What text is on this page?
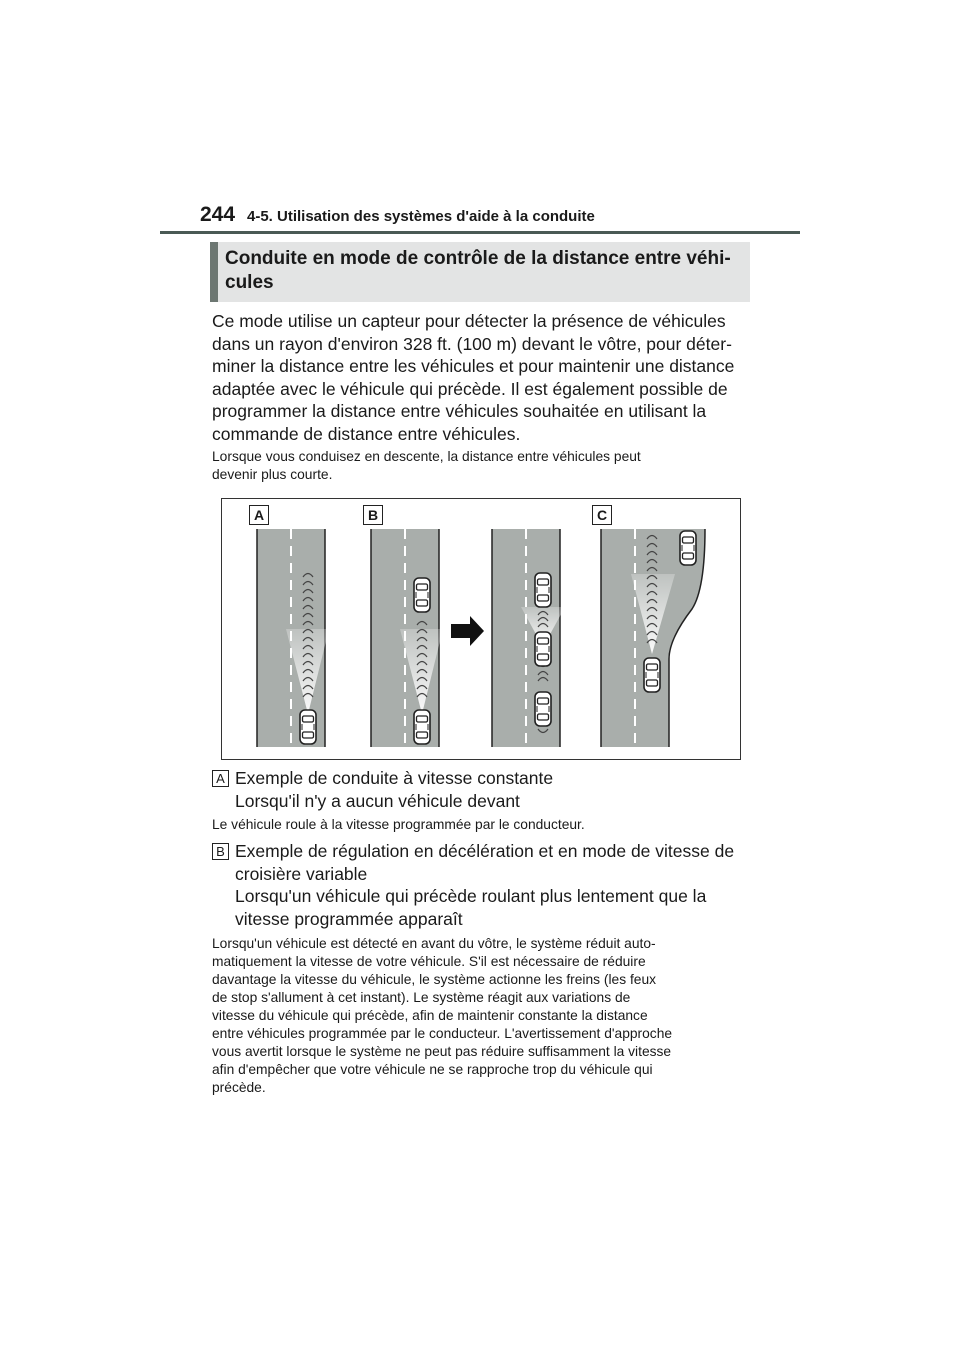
244 4-5. Utilisation des systèmes d'aide à la conduite
Conduite en mode de contrôle de la distance entre véhi-
cules
Ce mode utilise un capteur pour détecter la présence de véhicules
dans un rayon d'environ 328 ft. (100 m) devant le vôtre, pour déter-
miner la distance entre les véhicules et pour maintenir une distance
adaptée avec le véhicule qui précède. Il est également possible de
programmer la distance entre véhicules souhaitée en utilisant la
commande de distance entre véhicules.
Lorsque vous conduisez en descente, la distance entre véhicules peut
devenir plus courte.
A	B	C
A Exemple de conduite à vitesse constante
Lorsqu'il n'y a aucun véhicule devant
Le véhicule roule à la vitesse programmée par le conducteur.
B Exemple de régulation en décélération et en mode de vitesse de
croisière variable
Lorsqu'un véhicule qui précède roulant plus lentement que la
vitesse programmée apparaît
Lorsqu'un véhicule est détecté en avant du vôtre, le système réduit auto-
matiquement la vitesse de votre véhicule. S'il est nécessaire de réduire
davantage la vitesse du véhicule, le système actionne les freins (les feux
de stop s'allument à cet instant). Le système réagit aux variations de
vitesse du véhicule qui précède, afin de maintenir constante la distance
entre véhicules programmée par le conducteur. L'avertissement d'approche
vous avertit lorsque le système ne peut pas réduire suffisamment la vitesse
afin d'empêcher que votre véhicule ne se rapproche trop du véhicule qui
précède.
